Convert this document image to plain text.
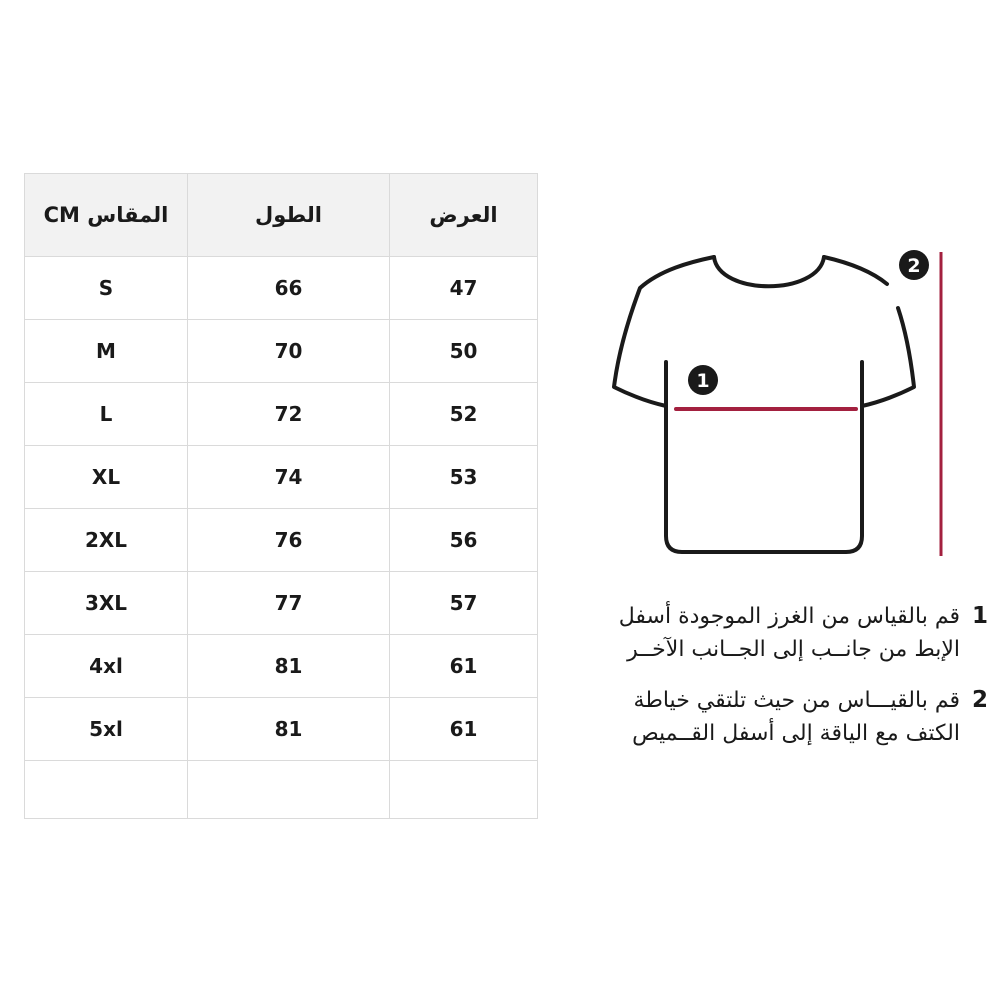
المقاس CM	الطول	العرض
S	66	47
M	70	50
L	72	52
XL	74	53
2XL	76	56
3XL	77	57
4xl	81	61
5xl	81	61

1
2
1
قم بالقياس من الغرز الموجودة أسفل
الإبط من جانــب إلى الجــانب الآخــر
2
قم بالقيـــاس من حيث تلتقي خياطة
الكتف مع الياقة إلى أسفل القــميص
